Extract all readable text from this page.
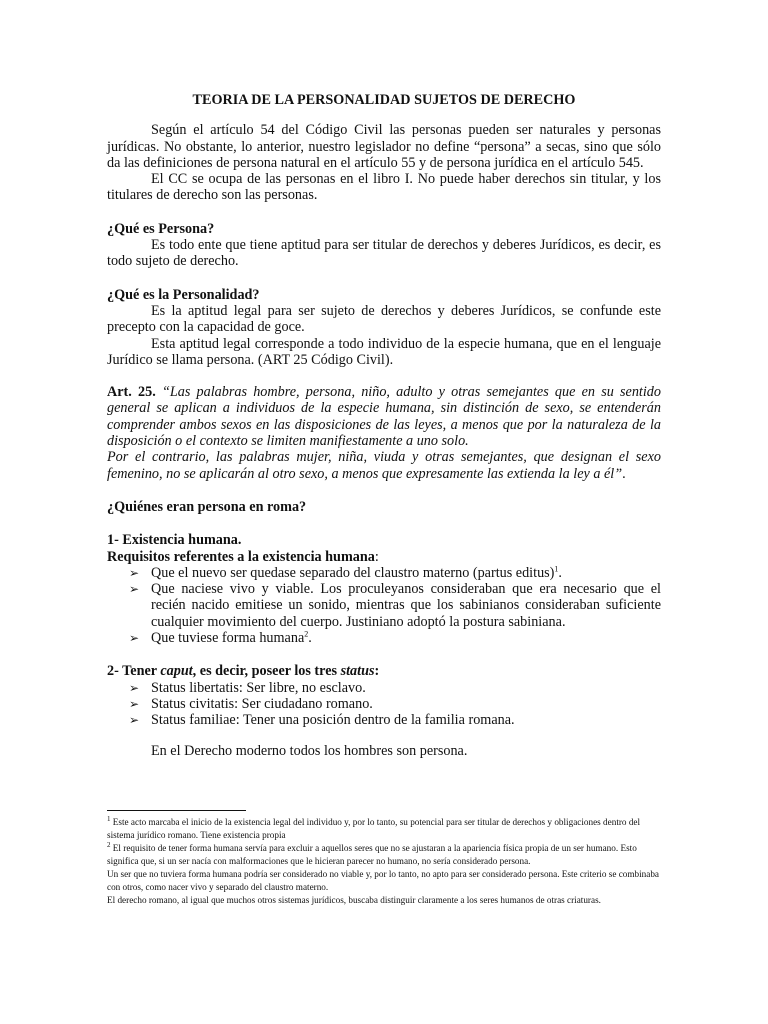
TEORIA DE LA PERSONALIDAD SUJETOS DE DERECHO

Según el artículo 54 del Código Civil las personas pueden ser naturales y personas jurídicas. No obstante, lo anterior, nuestro legislador no define “persona” a secas, sino que sólo da las definiciones de persona natural en el artículo 55 y de persona jurídica en el artículo 545.

El CC se ocupa de las personas en el libro I. No puede haber derechos sin titular, y los titulares de derecho son las personas.

¿Qué es Persona?

Es todo ente que tiene aptitud para ser titular de derechos y deberes Jurídicos, es decir, es todo sujeto de derecho.

¿Qué es la Personalidad?

Es la aptitud legal para ser sujeto de derechos y deberes Jurídicos, se confunde este precepto con la capacidad de goce.

Esta aptitud legal corresponde a todo individuo de la especie humana, que en el lenguaje Jurídico se llama persona. (ART 25 Código Civil).

Art. 25. “Las palabras hombre, persona, niño, adulto y otras semejantes que en su sentido general se aplican a individuos de la especie humana, sin distinción de sexo, se entenderán comprender ambos sexos en las disposiciones de las leyes, a menos que por la naturaleza de la disposición o el contexto se limiten manifiestamente a uno solo.

Por el contrario, las palabras mujer, niña, viuda y otras semejantes, que designan el sexo femenino, no se aplicarán al otro sexo, a menos que expresamente las extienda la ley a él”.

¿Quiénes eran persona en roma?

1- Existencia humana.

Requisitos referentes a la existencia humana:

➢ Que el nuevo ser quedase separado del claustro materno (partus editus)$^1$.
➢ Que naciese vivo y viable. Los proculeyanos consideraban que era necesario que el recién nacido emitiese un sonido, mientras que los sabinianos consideraban suficiente cualquier movimiento del cuerpo. Justiniano adoptó la postura sabiniana.
➢ Que tuviese forma humana$^2$.

2- Tener caput, es decir, poseer los tres status:

➢ Status libertatis: Ser libre, no esclavo.
➢ Status civitatis: Ser ciudadano romano.
➢ Status familiae: Tener una posición dentro de la familia romana.

En el Derecho moderno todos los hombres son persona.

$^1$ Este acto marcaba el inicio de la existencia legal del individuo y, por lo tanto, su potencial para ser titular de derechos y obligaciones dentro del sistema jurídico romano. Tiene existencia propia

$^2$ El requisito de tener forma humana servía para excluir a aquellos seres que no se ajustaran a la apariencia física propia de un ser humano. Esto significa que, si un ser nacía con malformaciones que le hicieran parecer no humano, no sería considerado persona.

Un ser que no tuviera forma humana podría ser considerado no viable y, por lo tanto, no apto para ser considerado persona. Este criterio se combinaba con otros, como nacer vivo y separado del claustro materno.

El derecho romano, al igual que muchos otros sistemas jurídicos, buscaba distinguir claramente a los seres humanos de otras criaturas.
